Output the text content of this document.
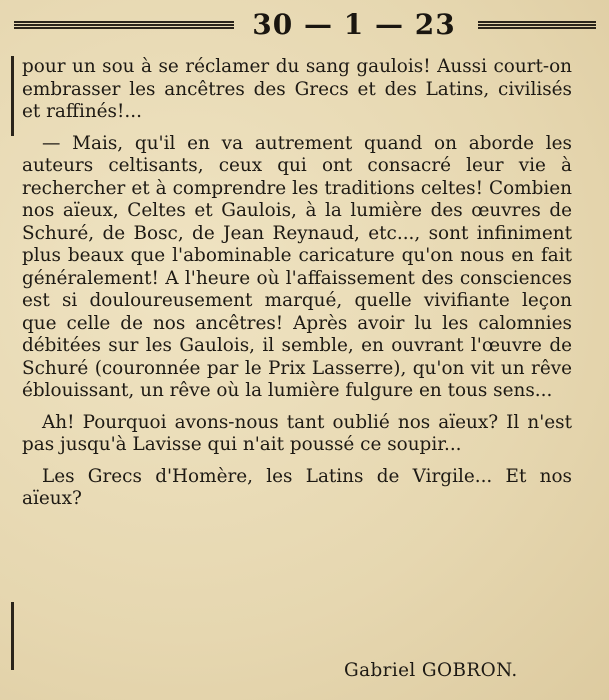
30 — 1 — 23

pour un sou à se réclamer du sang gaulois! Aussi court-on embrasser les ancêtres des Grecs et des Latins, civilisés et raffinés!...

— Mais, qu'il en va autrement quand on aborde les auteurs celtisants, ceux qui ont consacré leur vie à rechercher et à comprendre les traditions celtes! Combien nos aïeux, Celtes et Gaulois, à la lumière des œuvres de Schuré, de Bosc, de Jean Reynaud, etc..., sont infiniment plus beaux que l'abominable caricature qu'on nous en fait généralement! A l'heure où l'affaissement des consciences est si douloureusement marqué, quelle vivifiante leçon que celle de nos ancêtres! Après avoir lu les calomnies débitées sur les Gaulois, il semble, en ouvrant l'œuvre de Schuré (couronnée par le Prix Lasserre), qu'on vit un rêve éblouissant, un rêve où la lumière fulgure en tous sens...

Ah! Pourquoi avons-nous tant oublié nos aïeux? Il n'est pas jusqu'à Lavisse qui n'ait poussé ce soupir...

Les Grecs d'Homère, les Latins de Virgile... Et nos aïeux?

Gabriel GOBRON.
